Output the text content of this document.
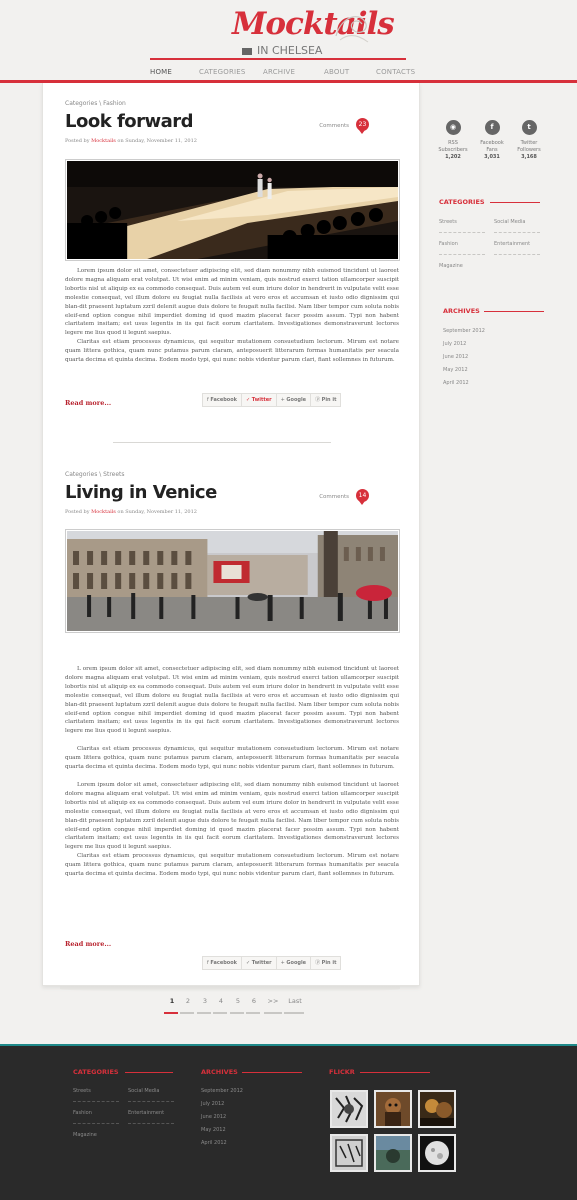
Mocktails
IN CHELSEA
HOME	CATEGORIES ARCHIVE	ABOUT	CONTACTS
Categories \ Fashion
Look forward
Posted by Mocktails on Sunday, November 11, 2012
Comments	23

Lorem ipsum dolor sit amet, consectetuer adipiscing elit, sed diam nonummy nibh euismod tincidunt ut laoreet dolore magna aliquam erat volutpat. Ut wisi enim ad minim veniam, quis nostrud exerci tation ullamcorper suscipit lobortis nisl ut aliquip ex ea commodo consequat. Duis autem vel eum iriure dolor in hendrerit in vulputate velit esse molestie consequat, vel illum dolore eu feugiat nulla facilisis at vero eros et accumsan et iusto odio dignissim qui blan-dit praesent luptatum zzril delenit augue duis dolore te feugait nulla facilisi. Nam liber tempor cum soluta nobis eleif-end option congue nihil imperdiet doming id quod mazim placerat facer possim assum. Typi non habent claritatem insitam; est usus legentis in iis qui facit eorum claritatem. Investigationes demonstraverunt lectores legere me lius quod ii legunt saepius.

Claritas est etiam processus dynamicus, qui sequitur mutationem consuetudium lectorum. Mirum est notare quam littera gothica, quam nunc putamus parum claram, anteposuerit litterarum formas humanitatis per seacula quarta decima et quinta decima. Eodem modo typi, qui nunc nobis videntur parum clari, fiant sollemnes in futurum.

Read more...	f Facebook	✓ Twitter	+ Google	ⓟ Pin it
Categories \ Streets
Living in Venice
Posted by Mocktails on Sunday, November 11, 2012
Comments	14

L orem ipsum dolor sit amet, consectetuer adipiscing elit, sed diam nonummy nibh euismod tincidunt ut laoreet dolore magna aliquam erat volutpat. Ut wisi enim ad minim veniam, quis nostrud exerci tation ullamcorper suscipit lobortis nisl ut aliquip ex ea commodo consequat. Duis autem vel eum iriure dolor in hendrerit in vulputate velit esse molestie consequat, vel illum dolore eu feugiat nulla facilisis at vero eros et accumsan et iusto odio dignissim qui blan-dit praesent luptatum zzril delenit augue duis dolore te feugait nulla facilisi. Nam liber tempor cum soluta nobis eleif-end option congue nihil imperdiet doming id quod mazim placerat facer possim assum. Typi non habent claritatem insitam; est usus legentis in iis qui facit eorum claritatem. Investigationes demonstraverunt lectores legere me lius quod ii legunt saepius.

Claritas est etiam processus dynamicus, qui sequitur mutationem consuetudium lectorum. Mirum est notare quam littera gothica, quam nunc putamus parum claram, anteposuerit litterarum formas humanitatis per seacula quarta decima et quinta decima. Eodem modo typi, qui nunc nobis videntur parum clari, fiant sollemnes in futurum.

Lorem ipsum dolor sit amet, consectetuer adipiscing elit, sed diam nonummy nibh euismod tincidunt ut laoreet dolore magna aliquam erat volutpat. Ut wisi enim ad minim veniam, quis nostrud exerci tation ullamcorper suscipit lobortis nisl ut aliquip ex ea commodo consequat. Duis autem vel eum iriure dolor in hendrerit in vulputate velit esse molestie consequat, vel illum dolore eu feugiat nulla facilisis at vero eros et accumsan et iusto odio dignissim qui blan-dit praesent luptatum zzril delenit augue duis dolore te feugait nulla facilisi. Nam liber tempor cum soluta nobis eleif-end option congue nihil imperdiet doming id quod mazim placerat facer possim assum. Typi non habent claritatem insitam; est usus legentis in iis qui facit eorum claritatem. Investigationes demonstraverunt lectores legere me lius quod ii legunt saepius.

Claritas est etiam processus dynamicus, qui sequitur mutationem consuetudium lectorum. Mirum est notare quam littera gothica, quam nunc putamus parum claram, anteposuerit litterarum formas humanitatis per seacula quarta decima et quinta decima. Eodem modo typi, qui nunc nobis videntur parum clari, fiant sollemnes in futurum.

Read more...
f Facebook	✓ Twitter	+ Google	ⓟ Pin it
1	2	3	4	5	6	>>	Last
◉
RSS
Subscribers
1,202
f
Facebook
Fans
3,031
t
Twitter
Followers
3,168
CATEGORIES
Streets	Social Media
Fashion	Entertainment
Magazine
ARCHIVES
September 2012
July 2012
June 2012
May 2012
April 2012
CATEGORIES
Streets	Social Media
Fashion	Entertainment
Magazine
ARCHIVES
September 2012
July 2012
June 2012
May 2012
April 2012
FLICKR
